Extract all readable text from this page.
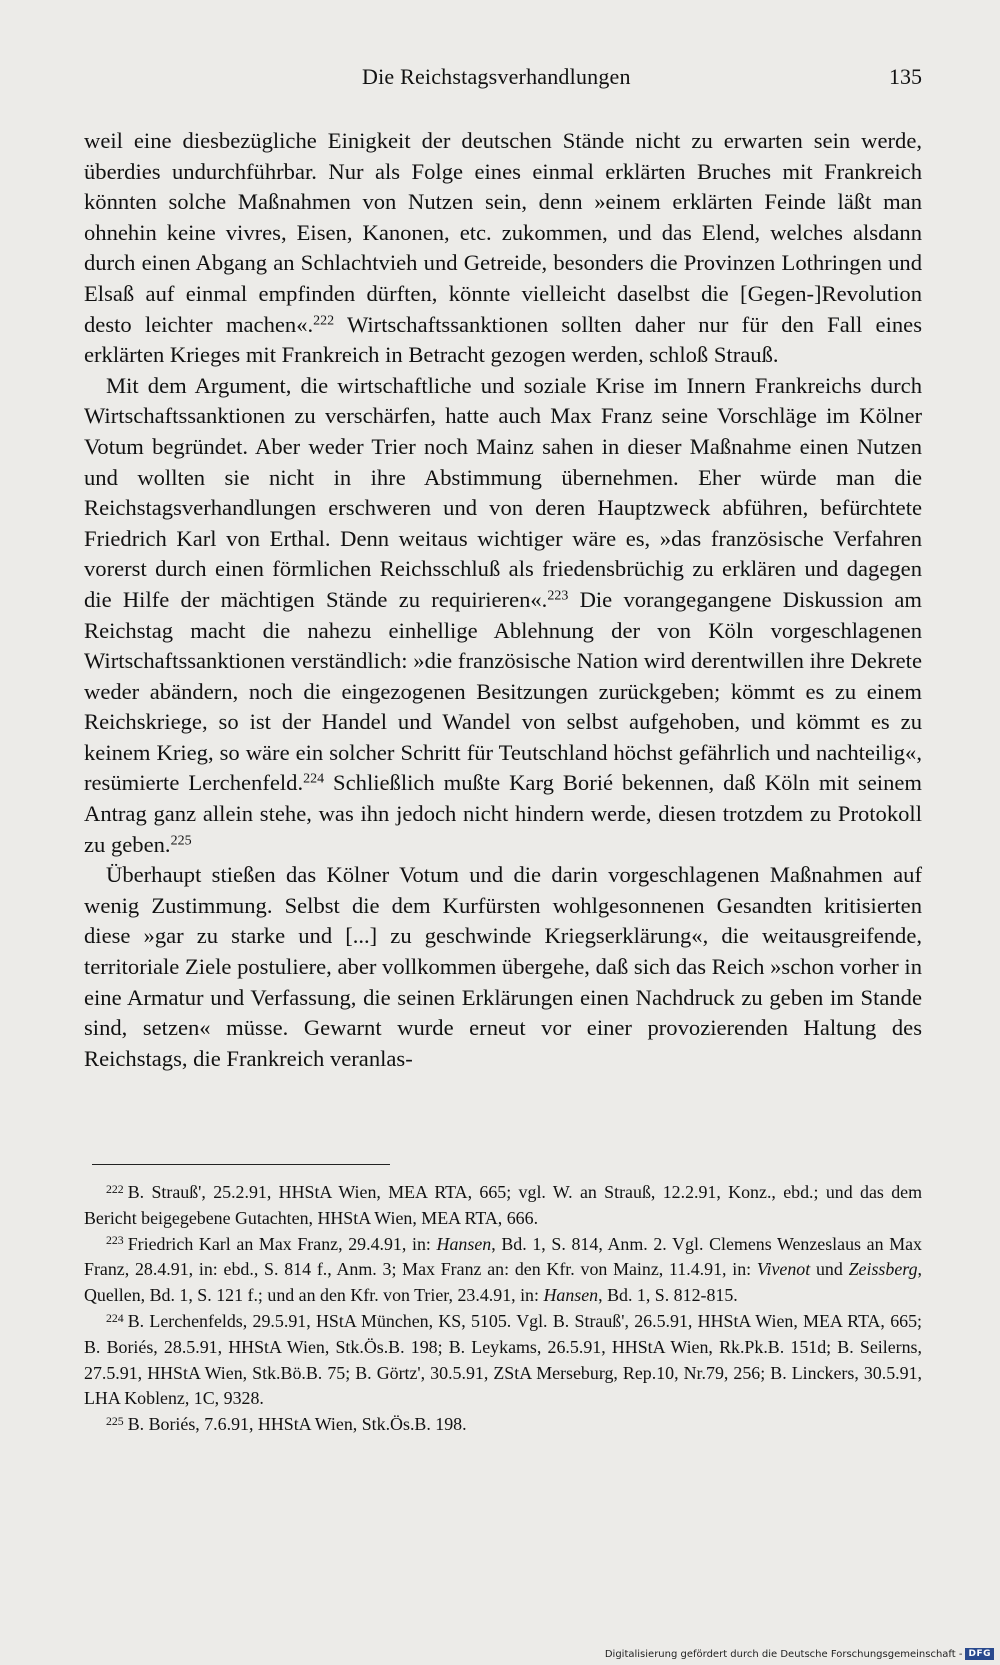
Die Reichstagsverhandlungen	135

weil eine diesbezügliche Einigkeit der deutschen Stände nicht zu erwarten sein werde, überdies undurchführbar. Nur als Folge eines einmal erklärten Bruches mit Frankreich könnten solche Maßnahmen von Nutzen sein, denn »einem erklärten Feinde läßt man ohnehin keine vivres, Eisen, Kanonen, etc. zukommen, und das Elend, welches alsdann durch einen Abgang an Schlachtvieh und Getreide, besonders die Provinzen Lothringen und Elsaß auf einmal empfinden dürften, könnte vielleicht daselbst die [Gegen-]Revolution desto leichter machen«.$^{222}$ Wirtschaftssanktionen sollten daher nur für den Fall eines erklärten Krieges mit Frankreich in Betracht gezogen werden, schloß Strauß.

Mit dem Argument, die wirtschaftliche und soziale Krise im Innern Frankreichs durch Wirtschaftssanktionen zu verschärfen, hatte auch Max Franz seine Vorschläge im Kölner Votum begründet. Aber weder Trier noch Mainz sahen in dieser Maßnahme einen Nutzen und wollten sie nicht in ihre Abstimmung übernehmen. Eher würde man die Reichstagsverhandlungen erschweren und von deren Hauptzweck abführen, befürchtete Friedrich Karl von Erthal. Denn weitaus wichtiger wäre es, »das französische Verfahren vorerst durch einen förmlichen Reichsschluß als friedensbrüchig zu erklären und dagegen die Hilfe der mächtigen Stände zu requirieren«.$^{223}$ Die vorangegangene Diskussion am Reichstag macht die nahezu einhellige Ablehnung der von Köln vorgeschlagenen Wirtschaftssanktionen verständlich: »die französische Nation wird derentwillen ihre Dekrete weder abändern, noch die eingezogenen Besitzungen zurückgeben; kömmt es zu einem Reichskriege, so ist der Handel und Wandel von selbst aufgehoben, und kömmt es zu keinem Krieg, so wäre ein solcher Schritt für Teutschland höchst gefährlich und nachteilig«, resümierte Lerchenfeld.$^{224}$ Schließlich mußte Karg Borié bekennen, daß Köln mit seinem Antrag ganz allein stehe, was ihn jedoch nicht hindern werde, diesen trotzdem zu Protokoll zu geben.$^{225}$

Überhaupt stießen das Kölner Votum und die darin vorgeschlagenen Maßnahmen auf wenig Zustimmung. Selbst die dem Kurfürsten wohlgesonnenen Gesandten kritisierten diese »gar zu starke und [...] zu geschwinde Kriegserklärung«, die weitausgreifende, territoriale Ziele postuliere, aber vollkommen übergehe, daß sich das Reich »schon vorher in eine Armatur und Verfassung, die seinen Erklärungen einen Nachdruck zu geben im Stande sind, setzen« müsse. Gewarnt wurde erneut vor einer provozierenden Haltung des Reichstags, die Frankreich veranlas-

$^{222}$ B. Strauß', 25.2.91, HHStA Wien, MEA RTA, 665; vgl. W. an Strauß, 12.2.91, Konz., ebd.; und das dem Bericht beigegebene Gutachten, HHStA Wien, MEA RTA, 666.

$^{223}$ Friedrich Karl an Max Franz, 29.4.91, in: Hansen, Bd. 1, S. 814, Anm. 2. Vgl. Clemens Wenzeslaus an Max Franz, 28.4.91, in: ebd., S. 814 f., Anm. 3; Max Franz an: den Kfr. von Mainz, 11.4.91, in: Vivenot und Zeissberg, Quellen, Bd. 1, S. 121 f.; und an den Kfr. von Trier, 23.4.91, in: Hansen, Bd. 1, S. 812-815.

$^{224}$ B. Lerchenfelds, 29.5.91, HStA München, KS, 5105. Vgl. B. Strauß', 26.5.91, HHStA Wien, MEA RTA, 665; B. Boriés, 28.5.91, HHStA Wien, Stk.Ös.B. 198; B. Leykams, 26.5.91, HHStA Wien, Rk.Pk.B. 151d; B. Seilerns, 27.5.91, HHStA Wien, Stk.Bö.B. 75; B. Görtz', 30.5.91, ZStA Merseburg, Rep.10, Nr.79, 256; B. Linckers, 30.5.91, LHA Koblenz, 1C, 9328.

$^{225}$ B. Boriés, 7.6.91, HHStA Wien, Stk.Ös.B. 198.

Digitalisierung gefördert durch die Deutsche Forschungsgemeinschaft - DFG
